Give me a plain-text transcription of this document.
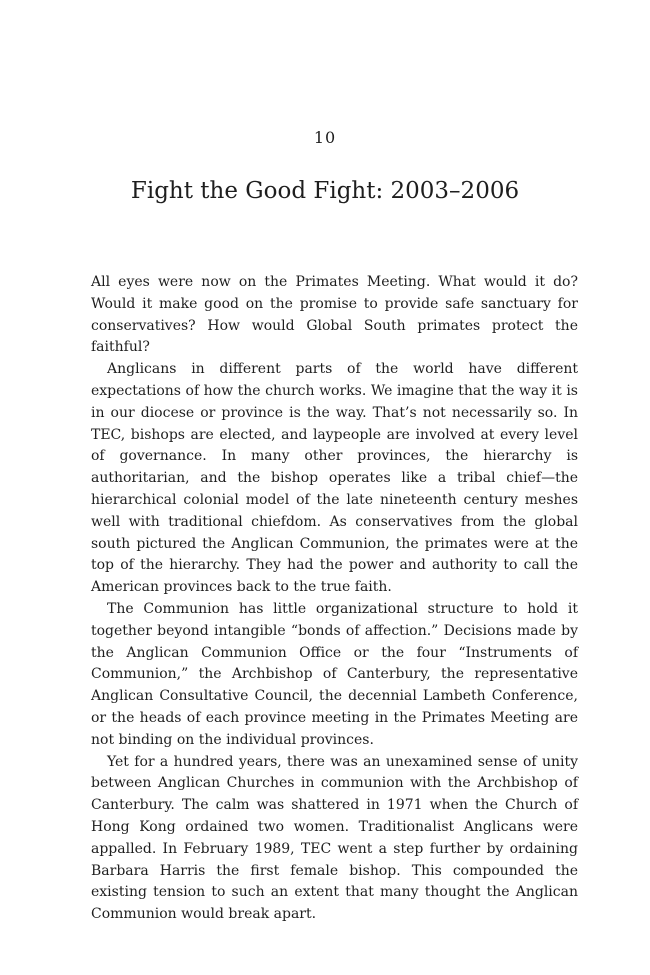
10
Fight the Good Fight: 2003–2006

All eyes were now on the Primates Meeting. What would it do? Would it make good on the promise to provide safe sanctuary for conservatives? How would Global South primates protect the faithful?

Anglicans in different parts of the world have different expectations of how the church works. We imagine that the way it is in our diocese or province is the way. That’s not necessarily so. In TEC, bishops are elected, and laypeople are involved at every level of governance. In many other provinces, the hierarchy is authoritarian, and the bishop operates like a tribal chief—the hierarchical colonial model of the late nineteenth century meshes well with traditional chiefdom. As conservatives from the global south pictured the Anglican Communion, the primates were at the top of the hierarchy. They had the power and authority to call the American provinces back to the true faith.

The Communion has little organizational structure to hold it together beyond intangible “bonds of affection.” Decisions made by the Anglican Communion Office or the four “Instruments of Communion,” the Archbishop of Canterbury, the representative Anglican Consultative Council, the decennial Lambeth Conference, or the heads of each province meeting in the Primates Meeting are not binding on the individual provinces.

Yet for a hundred years, there was an unexamined sense of unity between Anglican Churches in communion with the Archbishop of Canterbury. The calm was shattered in 1971 when the Church of Hong Kong ordained two women. Traditionalist Anglicans were appalled. In February 1989, TEC went a step further by ordaining Barbara Harris the first female bishop. This compounded the existing tension to such an extent that many thought the Anglican Communion would break apart.
